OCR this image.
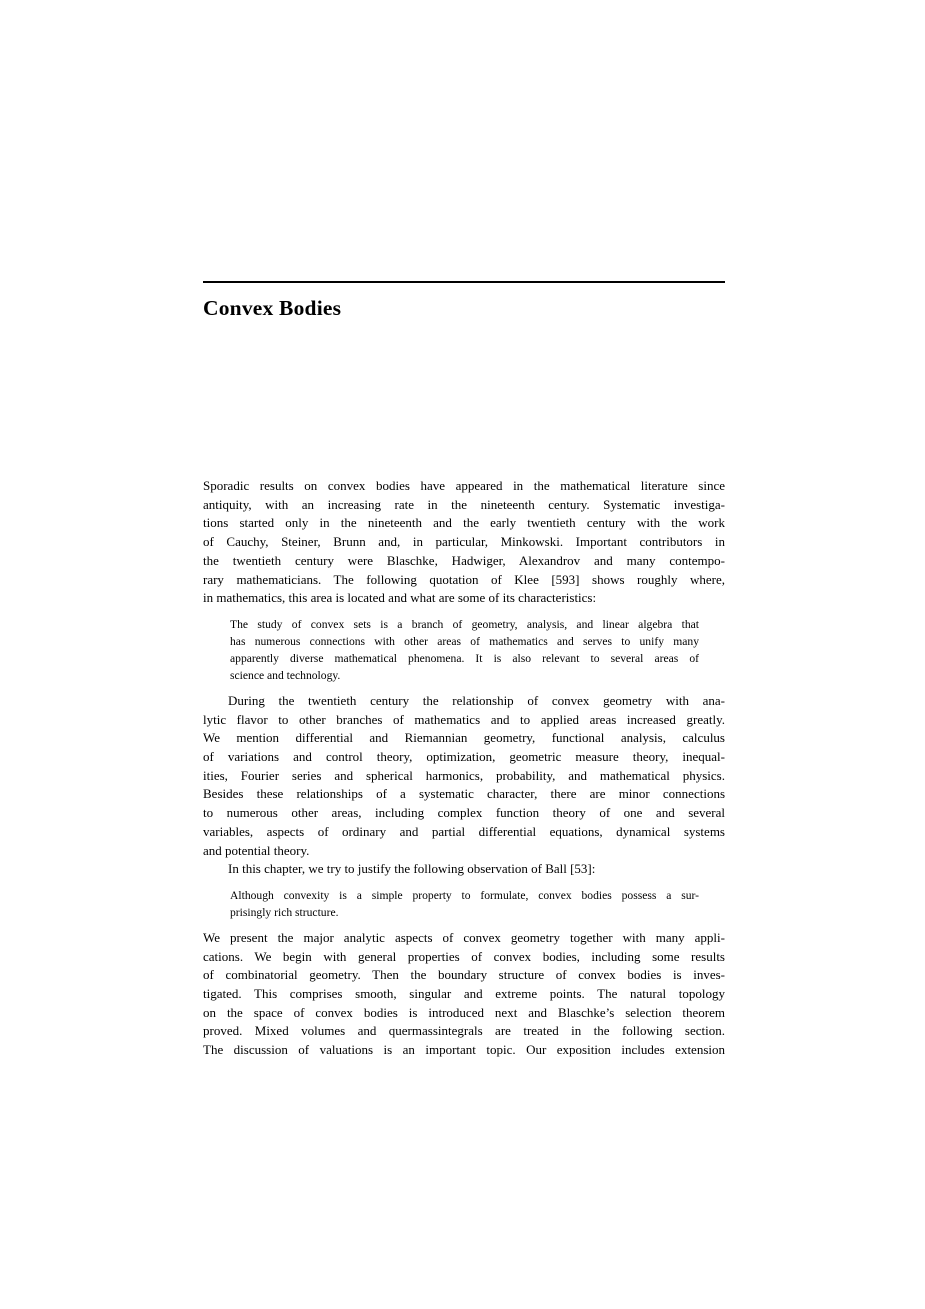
Convex Bodies
Sporadic results on convex bodies have appeared in the mathematical literature since
antiquity, with an increasing rate in the nineteenth century. Systematic investiga-
tions started only in the nineteenth and the early twentieth century with the work
of Cauchy, Steiner, Brunn and, in particular, Minkowski. Important contributors in
the twentieth century were Blaschke, Hadwiger, Alexandrov and many contempo-
rary mathematicians. The following quotation of Klee [593] shows roughly where,
in mathematics, this area is located and what are some of its characteristics:
The study of convex sets is a branch of geometry, analysis, and linear algebra that
has numerous connections with other areas of mathematics and serves to unify many
apparently diverse mathematical phenomena. It is also relevant to several areas of
science and technology.
During the twentieth century the relationship of convex geometry with ana-
lytic flavor to other branches of mathematics and to applied areas increased greatly.
We mention differential and Riemannian geometry, functional analysis, calculus
of variations and control theory, optimization, geometric measure theory, inequal-
ities, Fourier series and spherical harmonics, probability, and mathematical physics.
Besides these relationships of a systematic character, there are minor connections
to numerous other areas, including complex function theory of one and several
variables, aspects of ordinary and partial differential equations, dynamical systems
and potential theory.
In this chapter, we try to justify the following observation of Ball [53]:
Although convexity is a simple property to formulate, convex bodies possess a sur-
prisingly rich structure.
We present the major analytic aspects of convex geometry together with many appli-
cations. We begin with general properties of convex bodies, including some results
of combinatorial geometry. Then the boundary structure of convex bodies is inves-
tigated. This comprises smooth, singular and extreme points. The natural topology
on the space of convex bodies is introduced next and Blaschke’s selection theorem
proved. Mixed volumes and quermassintegrals are treated in the following section.
The discussion of valuations is an important topic. Our exposition includes extension
